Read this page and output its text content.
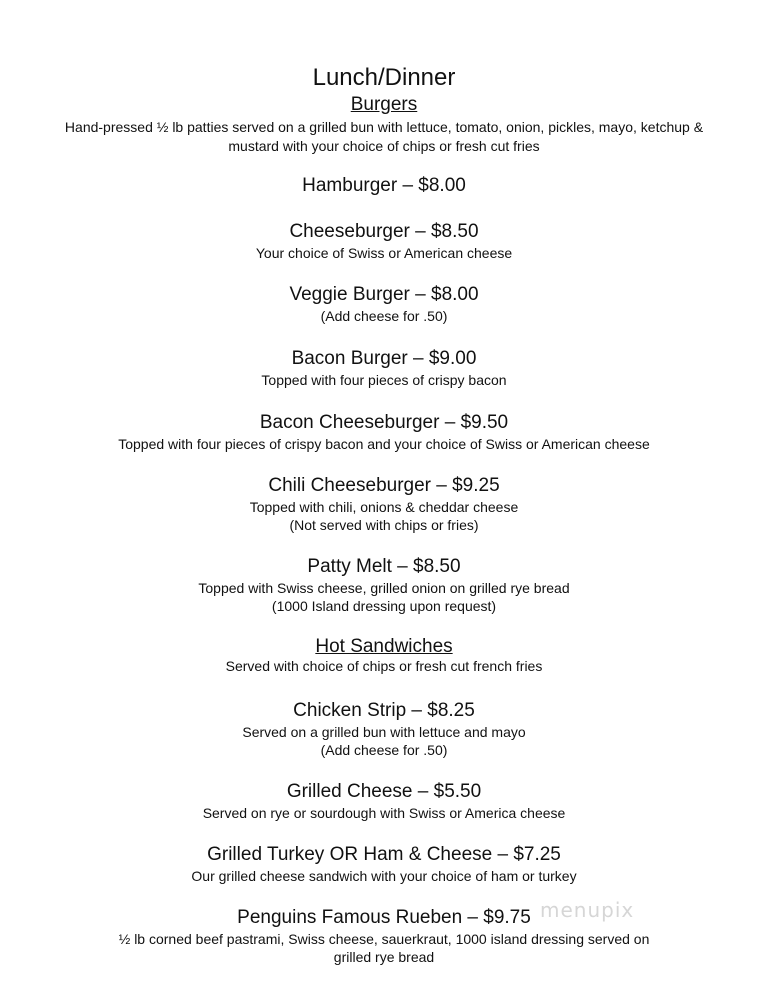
Lunch/Dinner
Burgers
Hand-pressed ½ lb patties served on a grilled bun with lettuce, tomato, onion, pickles, mayo, ketchup & mustard with your choice of chips or fresh cut fries
Hamburger – $8.00
Cheeseburger – $8.50
Your choice of Swiss or American cheese
Veggie Burger – $8.00
(Add cheese for .50)
Bacon Burger – $9.00
Topped with four pieces of crispy bacon
Bacon Cheeseburger – $9.50
Topped with four pieces of crispy bacon and your choice of Swiss or American cheese
Chili Cheeseburger – $9.25
Topped with chili, onions & cheddar cheese
(Not served with chips or fries)
Patty Melt – $8.50
Topped with Swiss cheese, grilled onion on grilled rye bread
(1000 Island dressing upon request)
Hot Sandwiches
Served with choice of chips or fresh cut french fries
Chicken Strip – $8.25
Served on a grilled bun with lettuce and mayo
(Add cheese for .50)
Grilled Cheese – $5.50
Served on rye or sourdough with Swiss or America cheese
Grilled Turkey OR Ham & Cheese – $7.25
Our grilled cheese sandwich with your choice of ham or turkey
Penguins Famous Rueben – $9.75
½ lb corned beef pastrami, Swiss cheese, sauerkraut, 1000 island dressing served on
grilled rye bread
menupix
